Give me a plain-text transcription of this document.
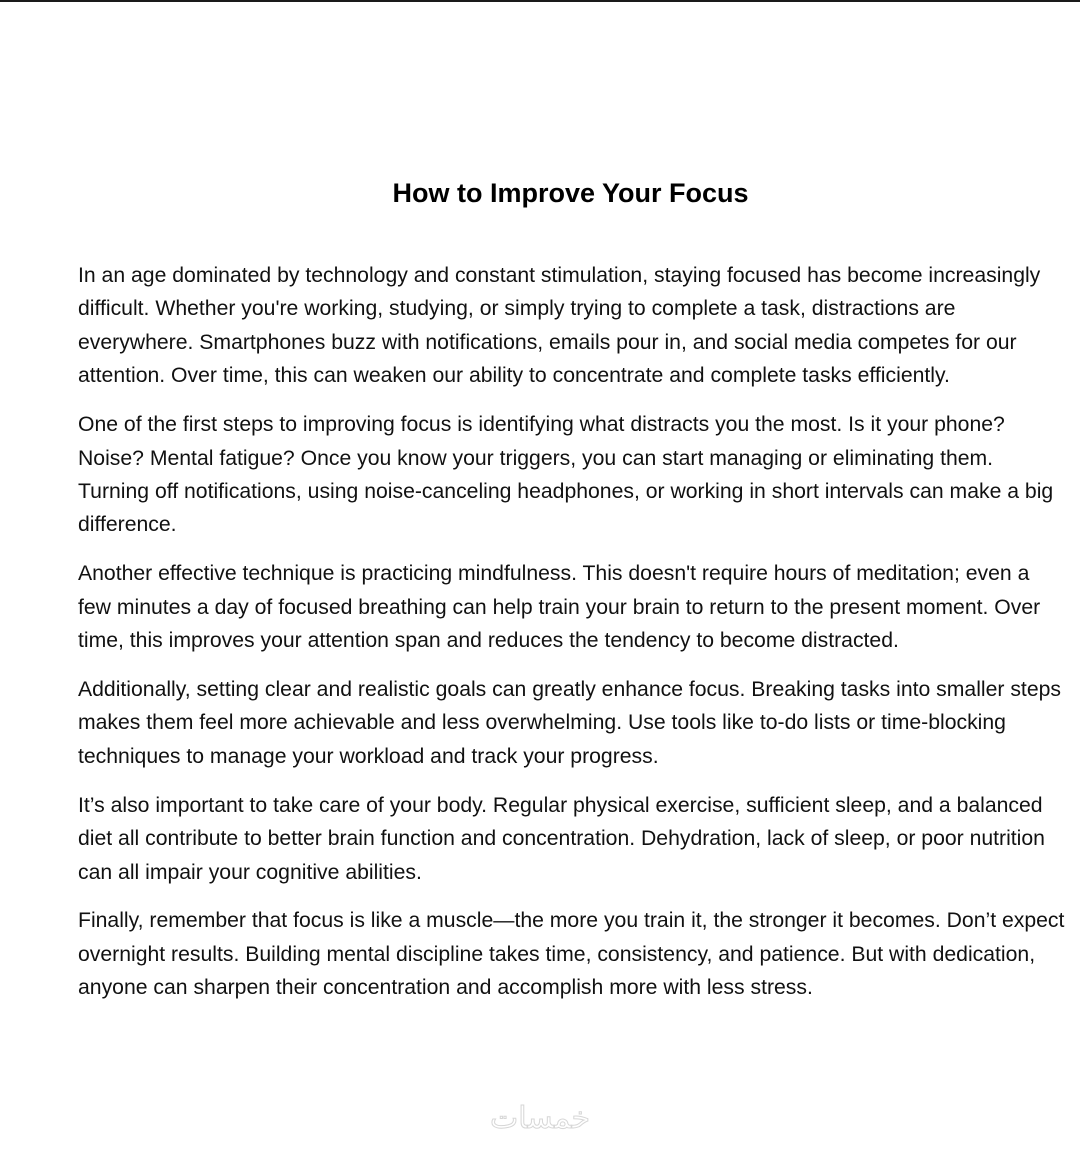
How to Improve Your Focus

In an age dominated by technology and constant stimulation, staying focused has become increasingly difficult. Whether you're working, studying, or simply trying to complete a task, distractions are everywhere. Smartphones buzz with notifications, emails pour in, and social media competes for our attention. Over time, this can weaken our ability to concentrate and complete tasks efficiently.

One of the first steps to improving focus is identifying what distracts you the most. Is it your phone? Noise? Mental fatigue? Once you know your triggers, you can start managing or eliminating them. Turning off notifications, using noise-canceling headphones, or working in short intervals can make a big difference.

Another effective technique is practicing mindfulness. This doesn't require hours of meditation; even a few minutes a day of focused breathing can help train your brain to return to the present moment. Over time, this improves your attention span and reduces the tendency to become distracted.

Additionally, setting clear and realistic goals can greatly enhance focus. Breaking tasks into smaller steps makes them feel more achievable and less overwhelming. Use tools like to-do lists or time-blocking techniques to manage your workload and track your progress.

It’s also important to take care of your body. Regular physical exercise, sufficient sleep, and a balanced diet all contribute to better brain function and concentration. Dehydration, lack of sleep, or poor nutrition can all impair your cognitive abilities.

Finally, remember that focus is like a muscle—the more you train it, the stronger it becomes. Don’t expect overnight results. Building mental discipline takes time, consistency, and patience. But with dedication, anyone can sharpen their concentration and accomplish more with less stress.

خمسات
